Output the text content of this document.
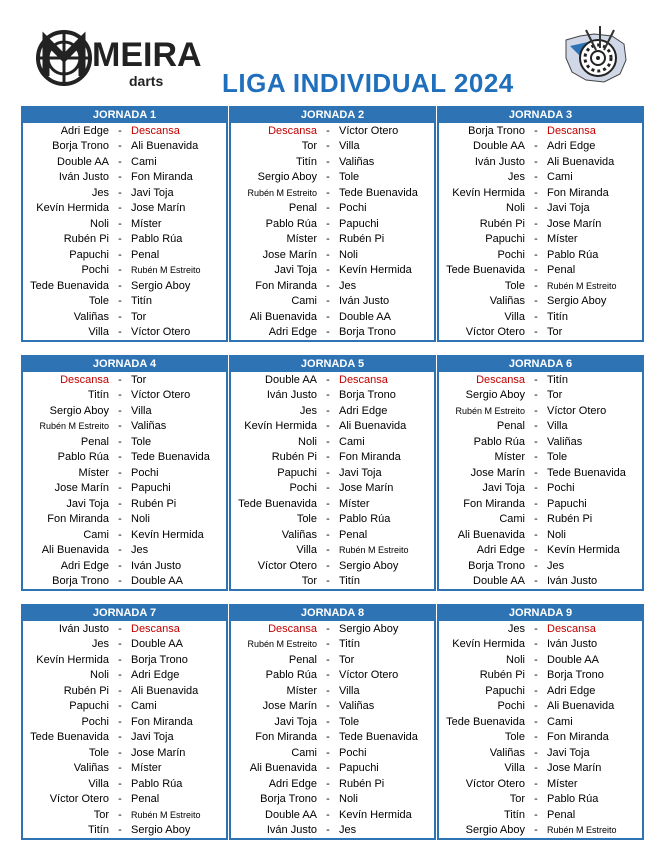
MEIRA
darts LIGA INDIVIDUAL 2024
JORNADA 1
Adri Edge - Descansa
Borja Trono - Ali Buenavida
Double AA - Cami
Iván Justo - Fon Miranda
Jes - Javi Toja
Kevín Hermida - Jose Marín
Noli - Míster
Rubén Pi - Pablo Rúa
Papuchi - Penal
Pochi -	Rubén M Estreito
Tede Buenavida - Sergio Aboy
Tole - Titín
Valiñas - Tor
Villa - Víctor Otero
JORNADA 2
Descansa - Víctor Otero
Tor - Villa
Titín - Valiñas
Sergio Aboy - Tole
Rubén M Estreito - Tede Buenavida
Penal - Pochi
Pablo Rúa - Papuchi
Míster - Rubén Pi
Jose Marín - Noli
Javi Toja - Kevín Hermida
Fon Miranda - Jes
Cami - Iván Justo
Ali Buenavida - Double AA
Adri Edge - Borja Trono
JORNADA 3
Borja Trono - Descansa
Double AA - Adri Edge
Iván Justo - Ali Buenavida
Jes - Cami
Kevín Hermida - Fon Miranda
Noli - Javi Toja
Rubén Pi - Jose Marín
Papuchi - Míster
Pochi - Pablo Rúa
Tede Buenavida - Penal
Tole -	Rubén M Estreito
Valiñas - Sergio Aboy
Villa - Titín
Víctor Otero - Tor
JORNADA 4
Descansa - Tor
Titín - Víctor Otero
Sergio Aboy - Villa
Rubén M Estreito - Valiñas
Penal - Tole
Pablo Rúa - Tede Buenavida
Míster - Pochi
Jose Marín - Papuchi
Javi Toja - Rubén Pi
Fon Miranda - Noli
Cami - Kevín Hermida
Ali Buenavida - Jes
Adri Edge - Iván Justo
Borja Trono - Double AA
JORNADA 5
Double AA - Descansa
Iván Justo - Borja Trono
Jes - Adri Edge
Kevín Hermida - Ali Buenavida
Noli - Cami
Rubén Pi - Fon Miranda
Papuchi - Javi Toja
Pochi - Jose Marín
Tede Buenavida - Míster
Tole - Pablo Rúa
Valiñas - Penal
Villa -	Rubén M Estreito
Víctor Otero - Sergio Aboy
Tor - Titín
JORNADA 6
Descansa - Titín
Sergio Aboy - Tor
Rubén M Estreito - Víctor Otero
Penal - Villa
Pablo Rúa - Valiñas
Míster - Tole
Jose Marín - Tede Buenavida
Javi Toja - Pochi
Fon Miranda - Papuchi
Cami - Rubén Pi
Ali Buenavida - Noli
Adri Edge - Kevín Hermida
Borja Trono - Jes
Double AA - Iván Justo
JORNADA 7
Iván Justo - Descansa
Jes - Double AA
Kevín Hermida - Borja Trono
Noli - Adri Edge
Rubén Pi - Ali Buenavida
Papuchi - Cami
Pochi - Fon Miranda
Tede Buenavida - Javi Toja
Tole - Jose Marín
Valiñas - Míster
Villa - Pablo Rúa
Víctor Otero - Penal
Tor -	Rubén M Estreito
Titín - Sergio Aboy
JORNADA 8
Descansa - Sergio Aboy
Rubén M Estreito - Titín
Penal - Tor
Pablo Rúa - Víctor Otero
Míster - Villa
Jose Marín - Valiñas
Javi Toja - Tole
Fon Miranda - Tede Buenavida
Cami - Pochi
Ali Buenavida - Papuchi
Adri Edge - Rubén Pi
Borja Trono - Noli
Double AA - Kevín Hermida
Iván Justo - Jes
JORNADA 9
Jes - Descansa
Kevín Hermida - Iván Justo
Noli - Double AA
Rubén Pi - Borja Trono
Papuchi - Adri Edge
Pochi - Ali Buenavida
Tede Buenavida - Cami
Tole - Fon Miranda
Valiñas - Javi Toja
Villa - Jose Marín
Víctor Otero - Míster
Tor - Pablo Rúa
Titín - Penal
Sergio Aboy -	Rubén M Estreito
